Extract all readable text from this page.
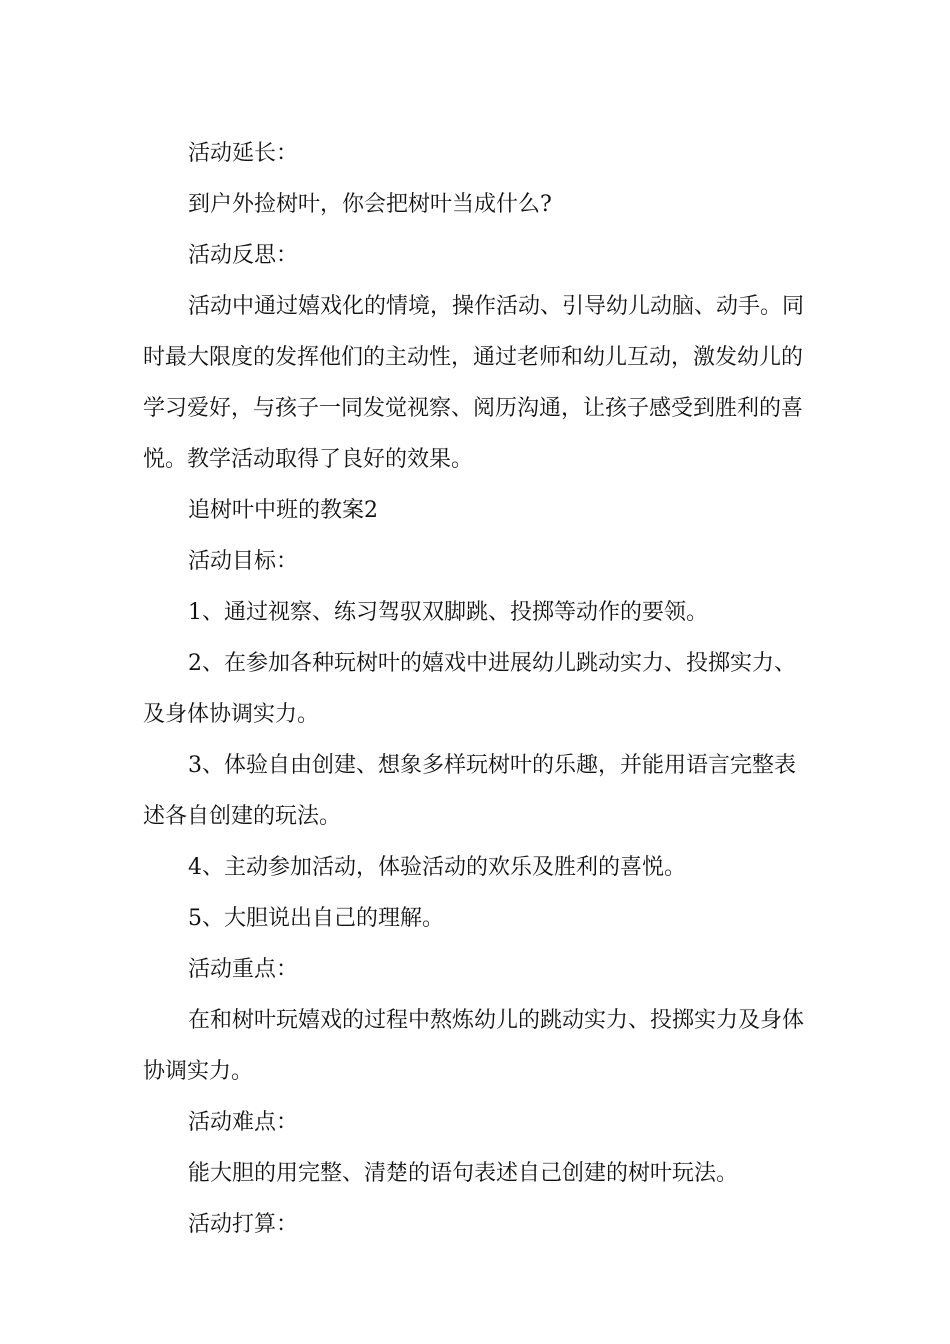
活动延长：

到户外捡树叶，你会把树叶当成什么?

活动反思：

活动中通过嬉戏化的情境，操作活动、引导幼儿动脑、动手。同时最大限度的发挥他们的主动性，通过老师和幼儿互动，激发幼儿的学习爱好，与孩子一同发觉视察、阅历沟通，让孩子感受到胜利的喜悦。教学活动取得了良好的效果。

追树叶中班的教案2

活动目标：

1、通过视察、练习驾驭双脚跳、投掷等动作的要领。

2、在参加各种玩树叶的嬉戏中进展幼儿跳动实力、投掷实力、及身体协调实力。

3、体验自由创建、想象多样玩树叶的乐趣，并能用语言完整表述各自创建的玩法。

4、主动参加活动，体验活动的欢乐及胜利的喜悦。

5、大胆说出自己的理解。

活动重点：

在和树叶玩嬉戏的过程中熬炼幼儿的跳动实力、投掷实力及身体协调实力。

活动难点：

能大胆的用完整、清楚的语句表述自己创建的树叶玩法。

活动打算：
